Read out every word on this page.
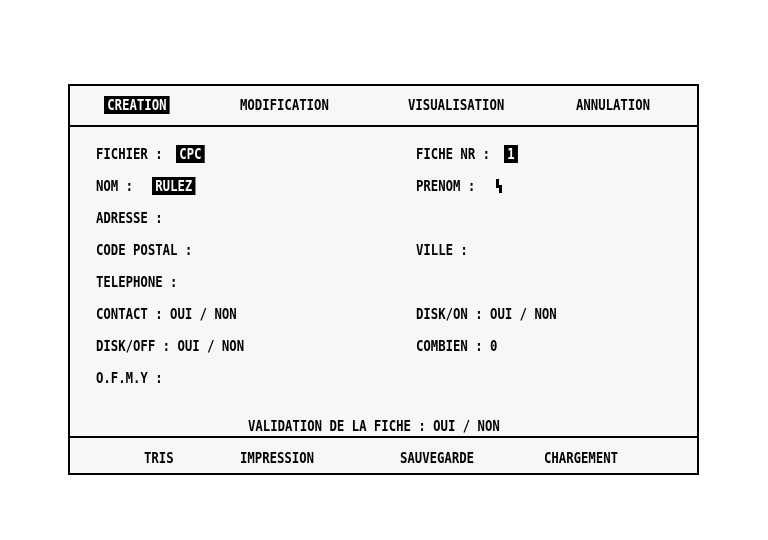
CREATION	MODIFICATION	VISUALISATION	ANNULATION
FICHIER : CPC	FICHE NR : 1
NOM : RULEZ	PRENOM :
ADRESSE :
CODE POSTAL :	VILLE :
TELEPHONE :
CONTACT : OUI / NON	DISK/ON : OUI / NON
DISK/OFF : OUI / NON	COMBIEN : 0
O.F.M.Y :
VALIDATION DE LA FICHE : OUI / NON
TRIS	IMPRESSION	SAUVEGARDE	CHARGEMENT
